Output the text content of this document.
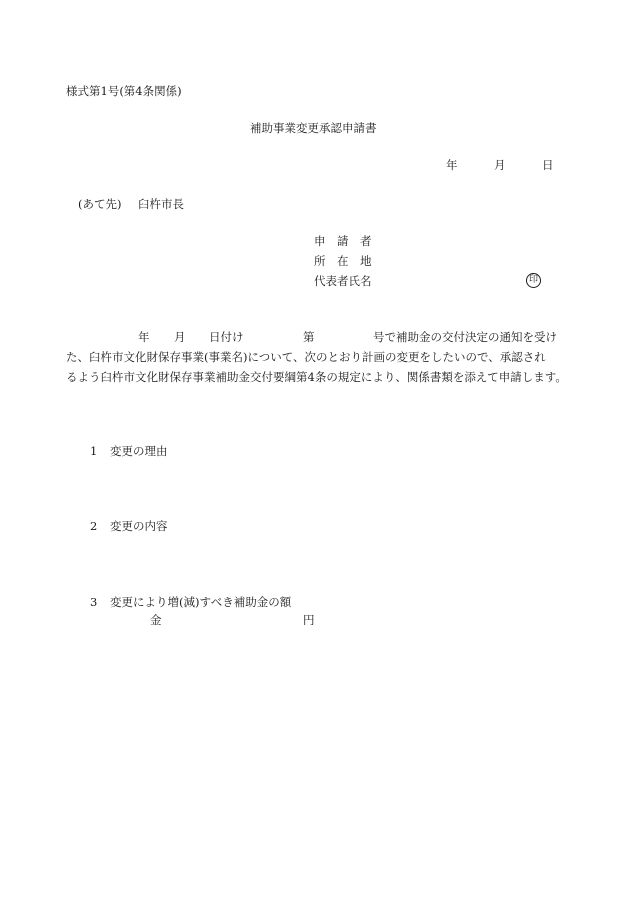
様式第1号(第4条関係)
補助事業変更承認申請書
年	月	日
(あて先) 臼杵市長
申　請　者
所　在　地
代表者氏名	印
年 月 日付け	第	号で補助金の交付決定の通知を受け
た、臼杵市文化財保存事業(事業名)について、次のとおり計画の変更をしたいので、承認され
るよう臼杵市文化財保存事業補助金交付要綱第4条の規定により、関係書類を添えて申請します。
1 変更の理由
2 変更の内容
3 変更により増(減)すべき補助金の額
金	円
